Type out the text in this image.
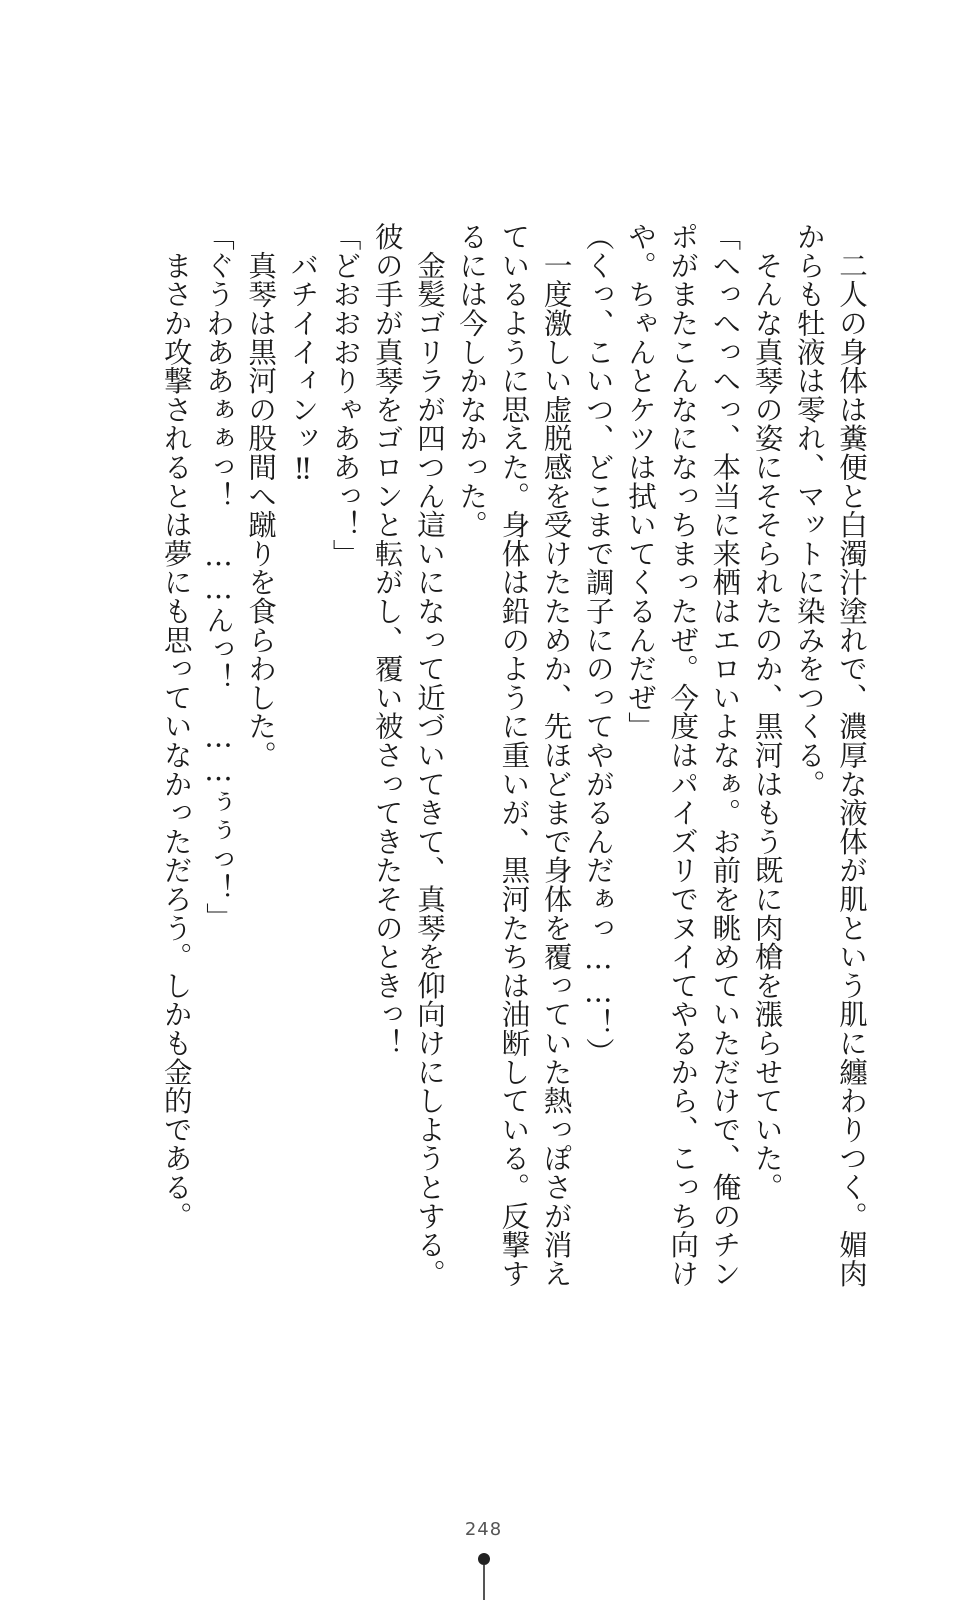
　二人の身体は糞便と白濁汁塗れで、濃厚な液体が肌という肌に纏わりつく。媚肉からも牡液は零れ、マットに染みをつくる。

　そんな真琴の姿にそそられたのか、黒河はもう既に肉槍を漲らせていた。

「へっへっへっ、本当に来栖はエロいよなぁ。お前を眺めていただけで、俺のチンポがまたこんなになっちまったぜ。今度はパイズリでヌイてやるから、こっち向けや。ちゃんとケツは拭いてくるんだぜ」

（くっ、こいつ、どこまで調子にのってやがるんだぁっ……！）

　一度激しい虚脱感を受けたためか、先ほどまで身体を覆っていた熱っぽさが消えているように思えた。身体は鉛のように重いが、黒河たちは油断している。反撃するには今しかなかった。

　金髪ゴリラが四つん這いになって近づいてきて、真琴を仰向けにしようとする。彼の手が真琴をゴロンと転がし、覆い被さってきたそのときっ！

「どおおおりゃああっ！」

　バチイイィンッ‼

　真琴は黒河の股間へ蹴りを食らわした。

「ぐうわああぁぁっ！　……んっ！　……ぅぅっ！」

　まさか攻撃されるとは夢にも思っていなかっただろう。しかも金的である。

248
